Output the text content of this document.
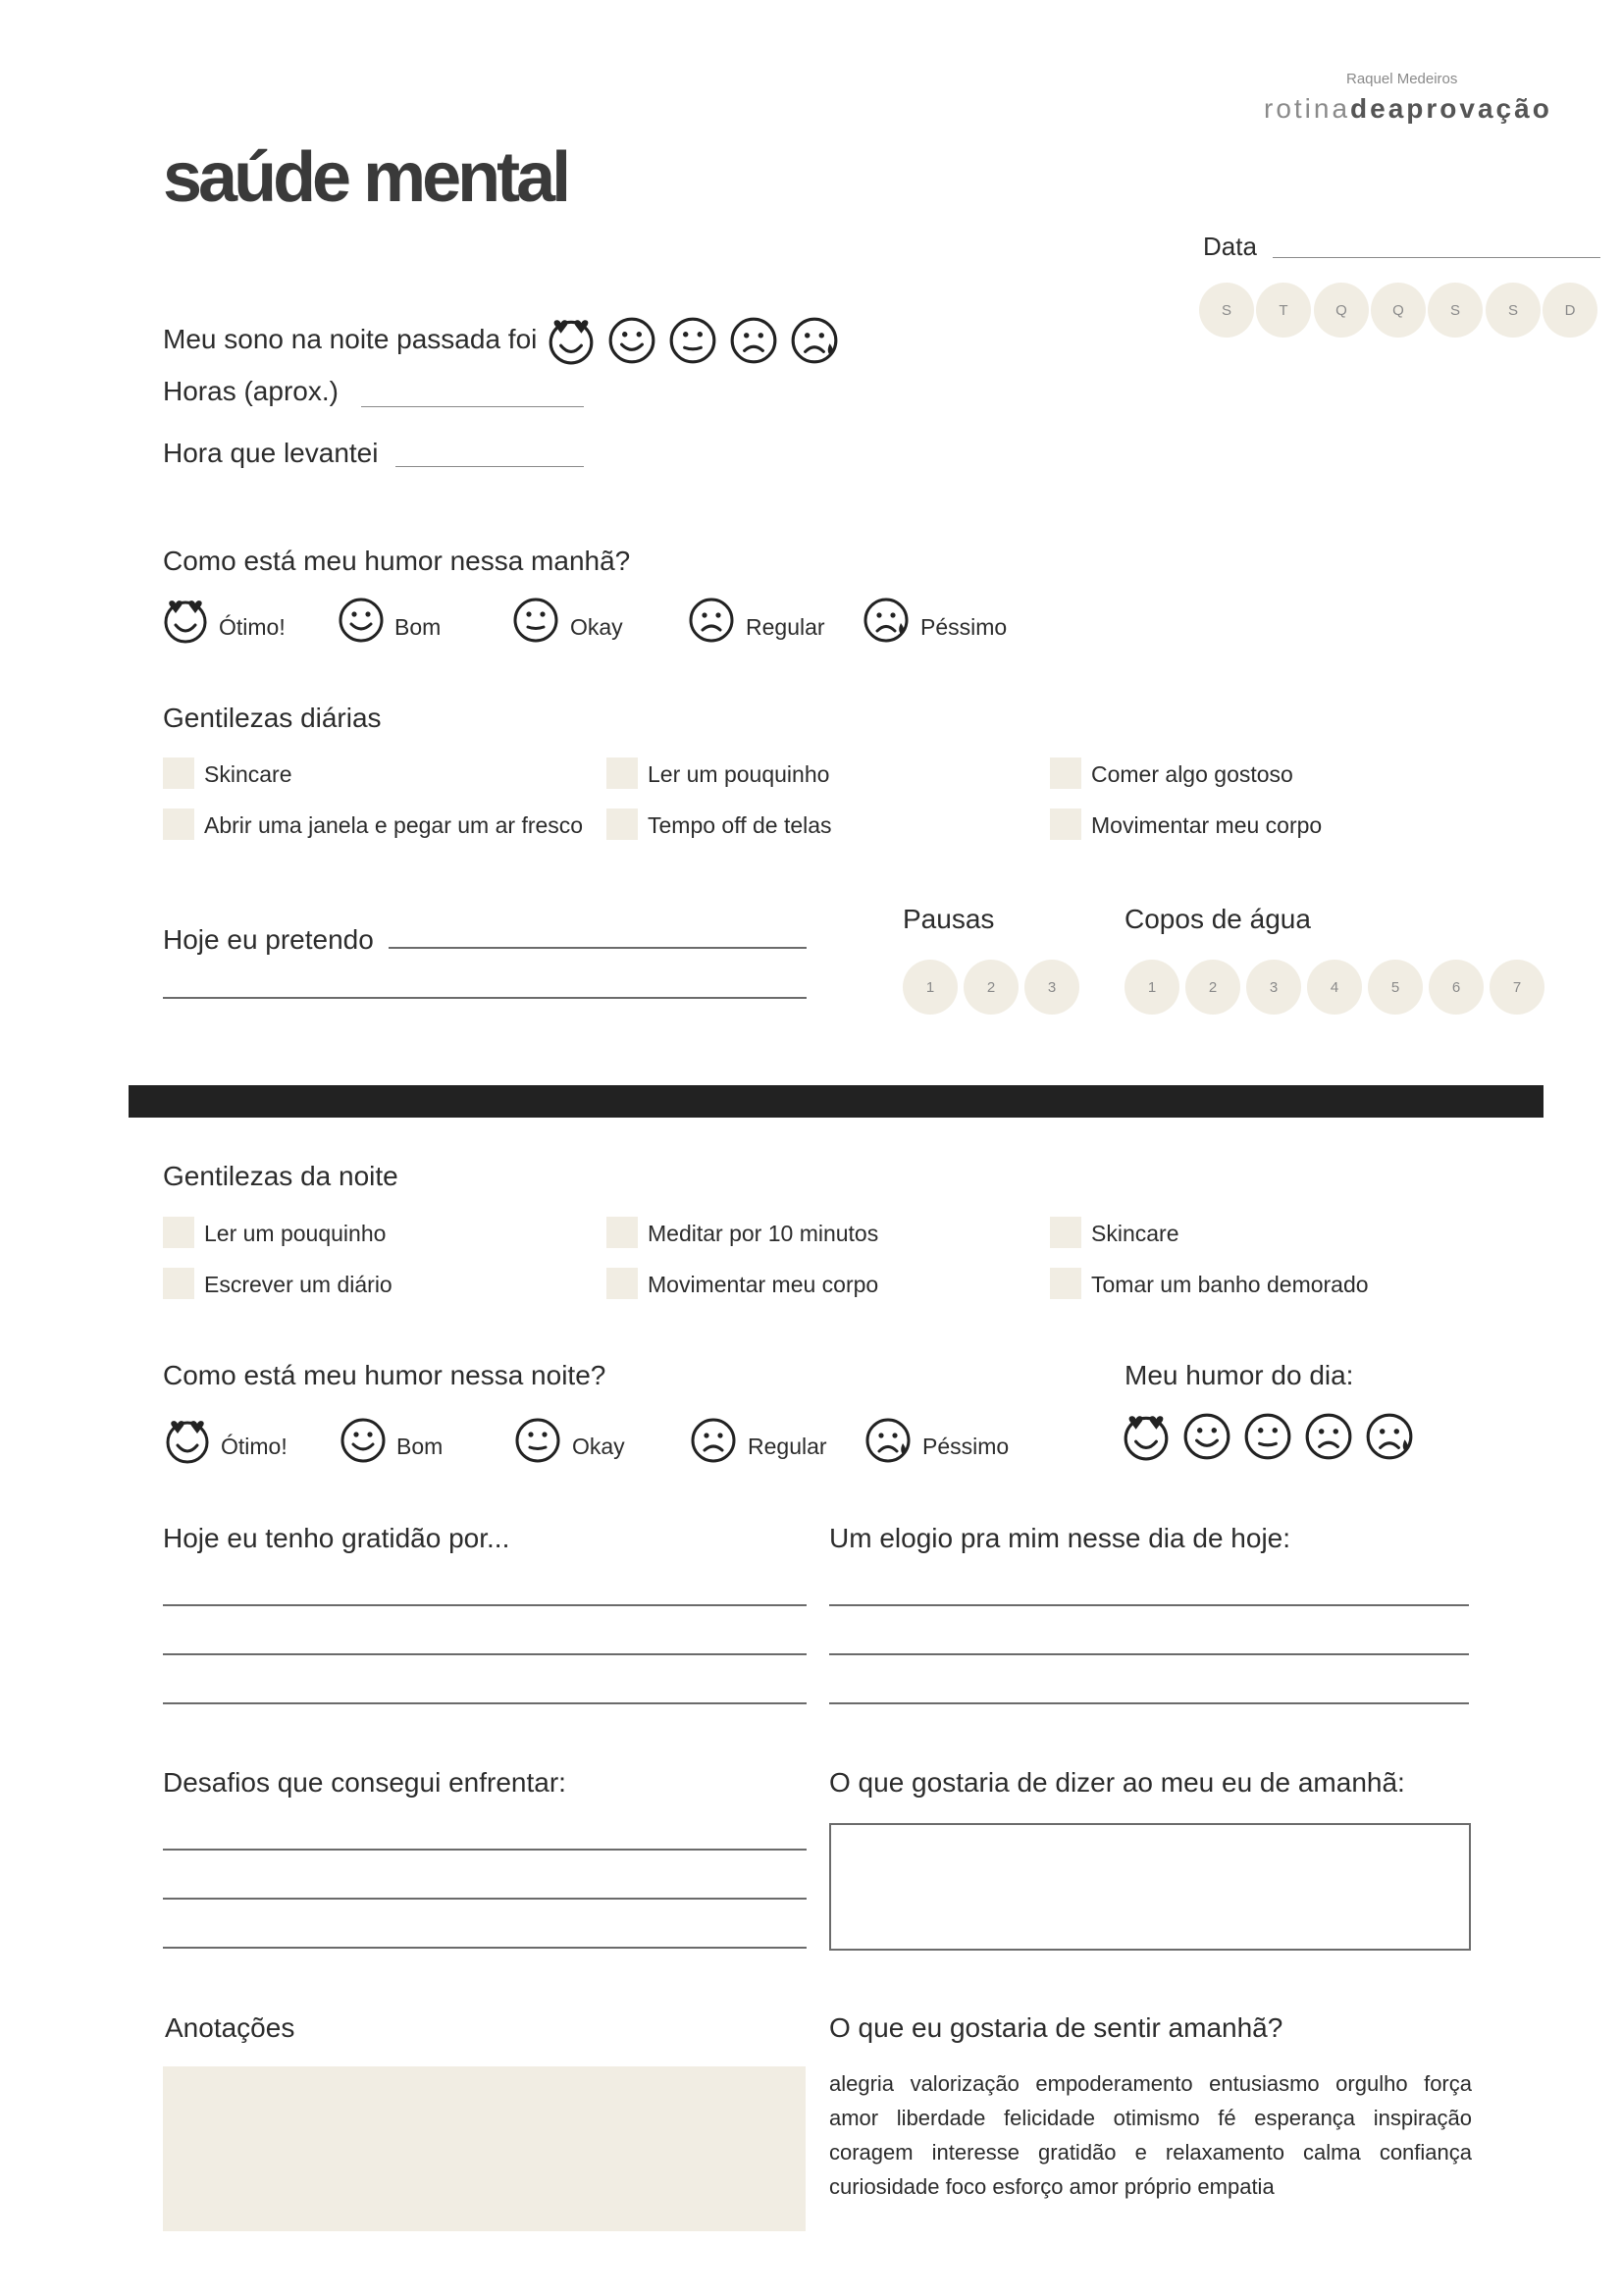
Raquel Medeiros
rotinadeaprovação
saúde mental
Data
S	T	Q	Q	S	S	D
Meu sono na noite passada foi
Horas (aprox.)
Hora que levantei
Como está meu humor nessa manhã?
Ótimo!	Bom	Okay	Regular	Péssimo
Gentilezas diárias
Skincare	Ler um pouquinho	Comer algo gostoso
Abrir uma janela e pegar um ar fresco	Tempo off de telas	Movimentar meu corpo
Hoje eu pretendo
Pausas
1	2	3
Copos de água
1	2	3	4	5	6	7
Gentilezas da noite
Ler um pouquinho	Meditar por 10 minutos	Skincare
Escrever um diário	Movimentar meu corpo	Tomar um banho demorado
Como está meu humor nessa noite?
Ótimo!	Bom	Okay	Regular	Péssimo
Meu humor do dia:
Hoje eu tenho gratidão por...	Um elogio pra mim nesse dia de hoje:
Desafios que consegui enfrentar:	O que gostaria de dizer ao meu eu de amanhã:
Anotações	O que eu gostaria de sentir amanhã?
alegria valorização empoderamento entusiasmo orgulho força amor liberdade felicidade otimismo fé esperança inspiração coragem interesse gratidão e relaxamento calma confiança curiosidade foco esforço amor próprio empatia
